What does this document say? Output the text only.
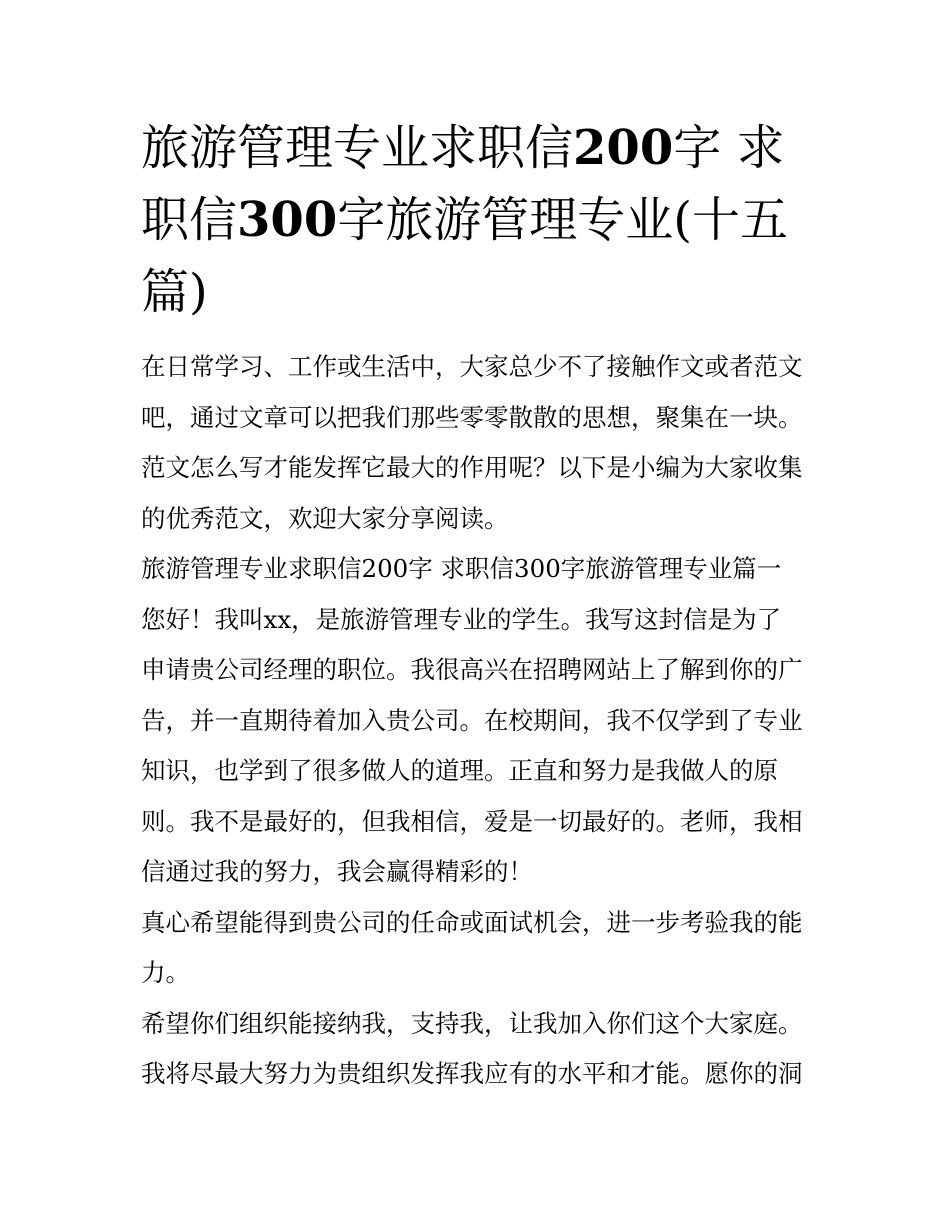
旅游管理专业求职信200字 求
职信300字旅游管理专业(十五
篇)
在日常学习、工作或生活中，大家总少不了接触作文或者范文
吧，通过文章可以把我们那些零零散散的思想，聚集在一块。
范文怎么写才能发挥它最大的作用呢？以下是小编为大家收集
的优秀范文，欢迎大家分享阅读。
旅游管理专业求职信200字 求职信300字旅游管理专业篇一
您好！我叫xx，是旅游管理专业的学生。我写这封信是为了
申请贵公司经理的职位。我很高兴在招聘网站上了解到你的广
告，并一直期待着加入贵公司。在校期间，我不仅学到了专业
知识，也学到了很多做人的道理。正直和努力是我做人的原
则。我不是最好的，但我相信，爱是一切最好的。老师，我相
信通过我的努力，我会赢得精彩的！
真心希望能得到贵公司的任命或面试机会，进一步考验我的能
力。
希望你们组织能接纳我，支持我，让我加入你们这个大家庭。
我将尽最大努力为贵组织发挥我应有的水平和才能。愿你的洞
